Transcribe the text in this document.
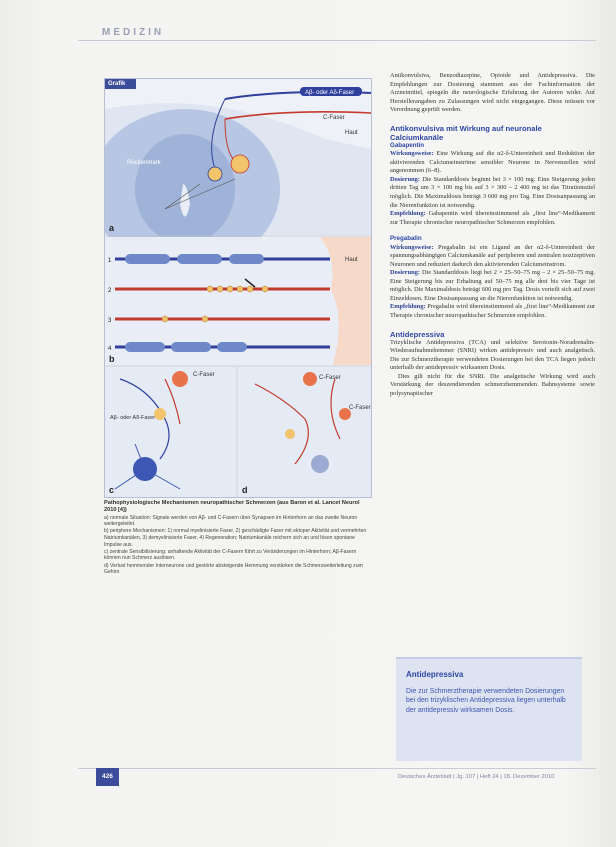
MEDIZIN
Aβ- oder Aδ-Faser
C-Faser
Haut
Rückenmark
a
1
2
3
4
Haut
b
C-Faser
Aβ- oder Aδ-Faser
c
C-Faser
C-Faser
d
Grafik

Pathophysiologische Mechanismen neuropathischer Schmerzen (aus Baron et al. Lancet Neurol 2010 [4])

a) normale Situation: Signale werden von Aβ- und C-Fasern über Synapsen im Hinterhorn an das zweite Neuron weitergeleitet.

b) periphere Mechanismen: 1) normal myelinisierte Faser, 2) geschädigte Faser mit ektoper Aktivität und vermehrten Natriumkanälen, 3) demyelinisierte Faser, 4) Regeneration; Natriumkanäle reichern sich an und lösen spontane Impulse aus.

c) zentrale Sensibilisierung: anhaltende Aktivität der C-Fasern führt zu Veränderungen im Hinterhorn; Aβ-Fasern können nun Schmerz auslösen.

d) Verlust hemmender Interneurone und gestörte absteigende Hemmung verstärken die Schmerzweiterleitung zum Gehirn.

Antikonvulsiva, Benzodiazepine, Opioide und Antidepressiva. Die Empfehlungen zur Dosierung stammen aus der Fachinformation der Arzneimittel, spiegeln die neurologische Erfahrung der Autoren wider. Auf Herstellerangaben zu Zulassungen wird nicht eingegangen. Diese müssen vor Verordnung geprüft werden.

Antikonvulsiva mit Wirkung auf neuronale Calciumkanäle

Gabapentin

Wirkungsweise: Eine Wirkung auf die α2-δ-Untereinheit und Reduktion der aktivierenden Calciumeinströme sensibler Neurone in Nervenzellen wird angenommen (6–8).

Dosierung: Die Standarddosis beginnt bei 3 × 100 mg. Eine Steigerung jeden dritten Tag um 3 × 100 mg bis auf 3 × 300 – 2 400 mg ist das Titrationsziel möglich. Die Maximaldosis beträgt 3 600 mg pro Tag. Eine Dosisanpassung an die Nierenfunktion ist notwendig.

Empfehlung: Gabapentin wird übereinstimmend als „first line“-Medikament zur Therapie chronischer neuropathischer Schmerzen empfohlen.

Pregabalin

Wirkungsweise: Pregabalin ist ein Ligand an der α2-δ-Untereinheit der spannungsabhängigen Calciumkanäle auf peripheren und zentralen nozizeptiven Neuronen und reduziert dadurch den aktivierenden Calciumeinstrom.

Dosierung: Die Standarddosis liegt bei 2 × 25–50–75 mg – 2 × 25–50–75 mg. Eine Steigerung bis zur Erhaltung auf 50–75 mg alle drei bis vier Tage ist möglich. Die Maximaldosis beträgt 600 mg pro Tag. Dosis verteilt sich auf zwei Einzeldosen. Eine Dosisanpassung an die Nierenfunktion ist notwendig.

Empfehlung: Pregabalin wird übereinstimmend als „first line“-Medikament zur Therapie chronischer neuropathischer Schmerzen empfohlen.

Antidepressiva

Trizyklische Antidepressiva (TCA) und selektive Serotonin-Noradrenalin-Wiederaufnahmehemmer (SNRI) wirken antidepressiv und auch analgetisch. Die zur Schmerztherapie verwendeten Dosierungen bei den TCA liegen jedoch unterhalb der antidepressiv wirksamen Dosis.

Dies gilt nicht für die SNRI. Die analgetische Wirkung wird auch Verstärkung der deszendierenden schmerzhemmenden Bahnsysteme sowie polysynaptischer

Antidepressiva
Die zur Schmerztherapie verwendeten Dosierungen bei den trizyklischen Antidepressiva liegen unterhalb der antidepressiv wirksamen Dosis.
426	Deutsches Ärzteblatt | Jg. 107 | Heft 24 | 18. Dezember 2010
